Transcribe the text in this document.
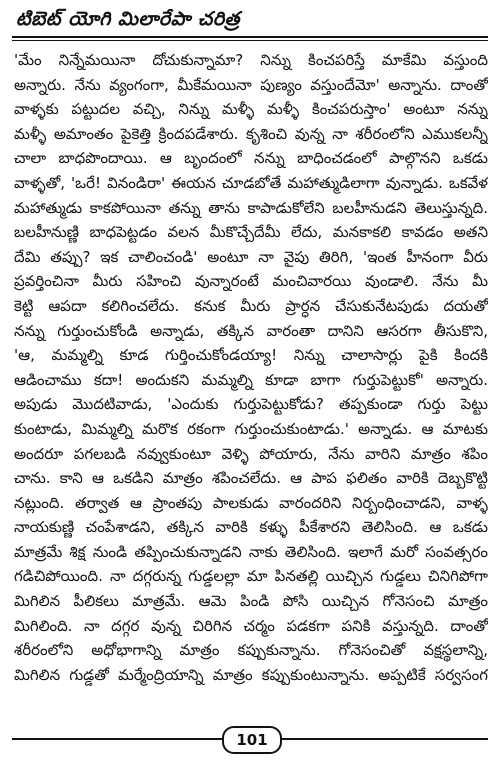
టిబెట్ యోగి మిలారేపా చరిత్ర
'మేం నిన్నేమయినా దోచుకున్నామా? నిన్ను కించపరిస్తే మాకేమి వస్తుంది
అన్నారు. నేను వ్యంగంగా, మీకేమయినా పుణ్యం వస్తుందేమో' అన్నాను. దాంతో
వాళ్ళకు పట్టుదల వచ్చి, నిన్ను మళ్ళీ మళ్ళీ కించపరుస్తాం' అంటూ నన్ను
మళ్ళీ అమాంతం పైకెత్తి క్రిందపడేశారు. కృశించి వున్న నా శరీరంలోని ఎముకలన్నీ
చాలా బాధపొందాయి. ఆ బృందంలో నన్ను బాధించడంలో పాల్గొనని ఒకడు
వాళ్ళతో, 'ఒరే! వినండిరా' ఈయన చూడబోతే మహాత్ముడిలాగా వున్నాడు. ఒకవేళ
మహాత్ముడు కాకపోయినా తన్ను తాను కాపాడుకోలేని బలహీనుడని తెలుస్తున్నది.
బలహీనుణ్ణి బాధపెట్టడం వలన మీకొచ్చేదేమీ లేదు, మనకాకలి కావడం అతని
దేమి తప్పు? ఇక చాలించండి' అంటూ నా వైపు తిరిగి, 'ఇంత హీనంగా వీరు
ప్రవర్తించినా మీరు సహించి వున్నారంటే మంచివారయి వుండాలి. నేను మీ
కెట్టి ఆపదా కలిగించలేదు. కనుక మీరు ప్రార్ధన చేసుకునేటపుడు దయతో
నన్ను గుర్తుంచుకోండి అన్నాడు, తక్కిన వారంతా దానిని ఆసరగా తీసుకొని,
'ఆ, మమ్మల్ని కూడ గుర్తించుకోండయ్యా! నిన్ను చాలాసార్లు పైకి కిందకి
ఆడించాము కదా! అందుకని మమ్మల్ని కూడా బాగా గుర్తుపెట్టుకో' అన్నారు.
అపుడు మొదటివాడు, 'ఎందుకు గుర్తుపెట్టుకోడు? తప్పకుండా గుర్తు పెట్టు
కుంటాడు, మిమ్మల్ని మరొక రకంగా గుర్తుంచుకుంటాడు.' అన్నాడు. ఆ మాటకు
అందరూ పగలబడి నవ్వుకుంటూ వెళ్ళి పోయారు, నేను వారిని మాత్రం శపిం
చాను. కాని ఆ ఒకడిని మాత్రం శపించలేదు. ఆ పాప ఫలితం వారికి దెబ్బకొట్టి
నట్లుంది. తర్వాత ఆ ప్రాంతపు పాలకుడు వారందరిని నిర్బంధించాడని, వాళ్ళ
నాయకుణ్ణి చంపేశాడని, తక్కిన వారికి కళ్ళు పీకేశారని తెలిసింది. ఆ ఒకడు
మాత్రమే శిక్ష నుండి తప్పించుకున్నాడని నాకు తెలిసింది. ఇలాగే మరో సంవత్సరం
గడిచిపోయింది. నా దగ్గరున్న గుడ్డలల్లా మా పినతల్లి యిచ్చిన గుడ్డలు చినిగిపోగా
మిగిలిన పీలికలు మాత్రమే. ఆమె పిండి పోసి యిచ్చిన గోనెసంచి మాత్రం
మిగిలింది. నా దగ్గర వున్న చిరిగిన చర్మం పడకగా పనికి వస్తున్నది. దాంతో
శరీరంలోని అధోభాగాన్ని మాత్రం కప్పుకున్నాను. గోనెసంచితో వక్షస్థలాన్ని,
మిగిలిన గుడ్డతో మర్మేంద్రియాన్ని మాత్రం కప్పుకుంటున్నాను. అప్పటికే సర్వసంగ
101
